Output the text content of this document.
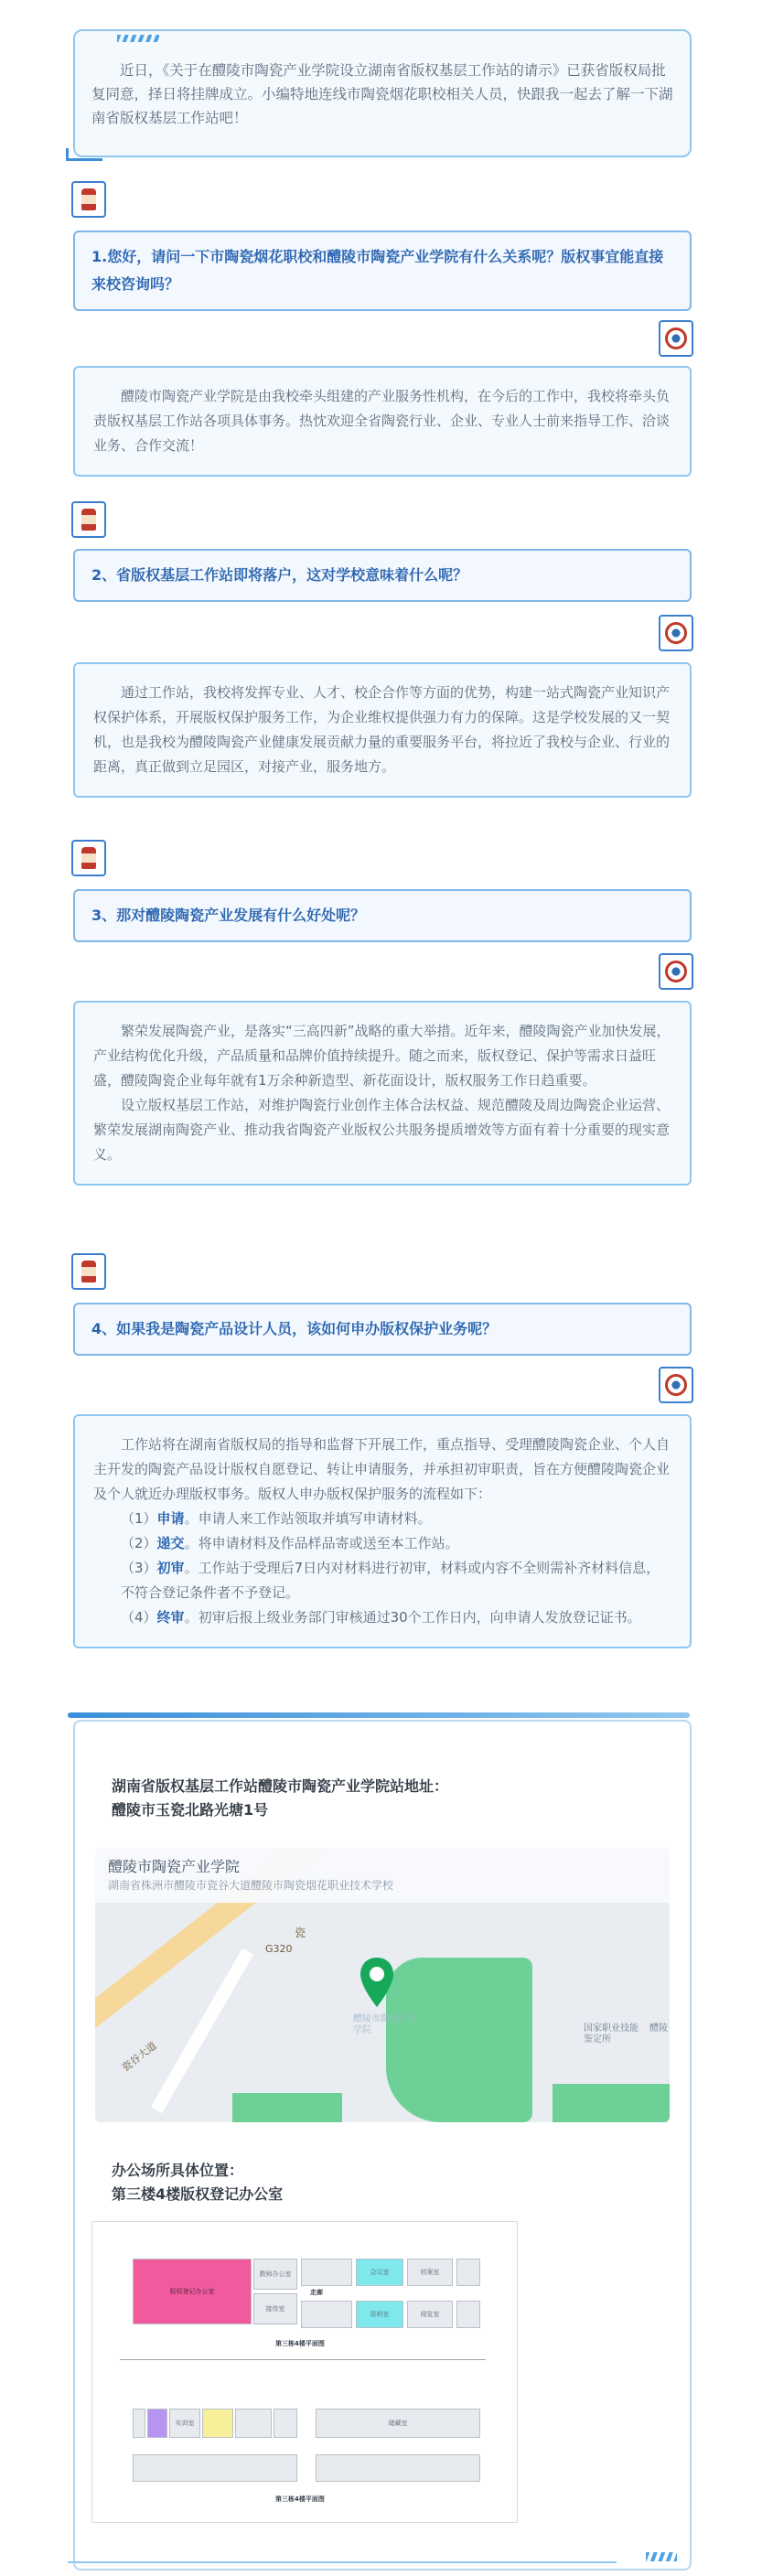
近日，《关于在醴陵市陶瓷产业学院设立湖南省版权基层工作站的请示》已获省版权局批复同意，择日将挂牌成立。小编特地连线市陶瓷烟花职校相关人员，快跟我一起去了解一下湖南省版权基层工作站吧！
1.您好，请问一下市陶瓷烟花职校和醴陵市陶瓷产业学院有什么关系呢？版权事宜能直接来校咨询吗？
醴陵市陶瓷产业学院是由我校牵头组建的产业服务性机构，在今后的工作中，我校将牵头负责版权基层工作站各项具体事务。热忱欢迎全省陶瓷行业、企业、专业人士前来指导工作、洽谈业务、合作交流！
2、省版权基层工作站即将落户，这对学校意味着什么呢？
通过工作站，我校将发挥专业、人才、校企合作等方面的优势，构建一站式陶瓷产业知识产权保护体系，开展版权保护服务工作，为企业维权提供强力有力的保障。这是学校发展的又一契机，也是我校为醴陵陶瓷产业健康发展贡献力量的重要服务平台，将拉近了我校与企业、行业的距离，真正做到立足园区，对接产业，服务地方。
3、那对醴陵陶瓷产业发展有什么好处呢？
繁荣发展陶瓷产业，是落实“三高四新”战略的重大举措。近年来，醴陵陶瓷产业加快发展，产业结构优化升级，产品质量和品牌价值持续提升。随之而来，版权登记、保护等需求日益旺盛，醴陵陶瓷企业每年就有1万余种新造型、新花面设计，版权服务工作日趋重要。
设立版权基层工作站，对维护陶瓷行业创作主体合法权益、规范醴陵及周边陶瓷企业运营、繁荣发展湖南陶瓷产业、推动我省陶瓷产业版权公共服务提质增效等方面有着十分重要的现实意义。
4、如果我是陶瓷产品设计人员，该如何申办版权保护业务呢？
工作站将在湖南省版权局的指导和监督下开展工作，重点指导、受理醴陵陶瓷企业、个人自主开发的陶瓷产品设计版权自愿登记、转让申请服务，并承担初审职责，旨在方便醴陵陶瓷企业及个人就近办理版权事务。版权人申办版权保护服务的流程如下：
（1）申请。申请人来工作站领取并填写申请材料。
（2）递交。将申请材料及作品样品寄或送至本工作站。
（3）初审。工作站于受理后7日内对材料进行初审，材料或内容不全则需补齐材料信息，不符合登记条件者不予登记。
（4）终审。初审后报上级业务部门审核通过30个工作日内，向申请人发放登记证书。
湖南省版权基层工作站醴陵市陶瓷产业学院站地址：
醴陵市玉瓷北路光塘1号
瓷谷大道
G320
瓷
醴陵市陶瓷产业学院	国家职业技能鉴定所
醴陵
醴陵市陶瓷产业学院
湖南省株洲市醴陵市瓷谷大道醴陵市陶瓷烟花职业技术学校
办公场所具体位置：
第三楼4楼版权登记办公室
版权登记办公室
教师办公室
接待室
会议室	档案室
走廊
资料室	阅览室
第三栋4楼平面图
实训室	储藏室
第三栋4楼平面图
